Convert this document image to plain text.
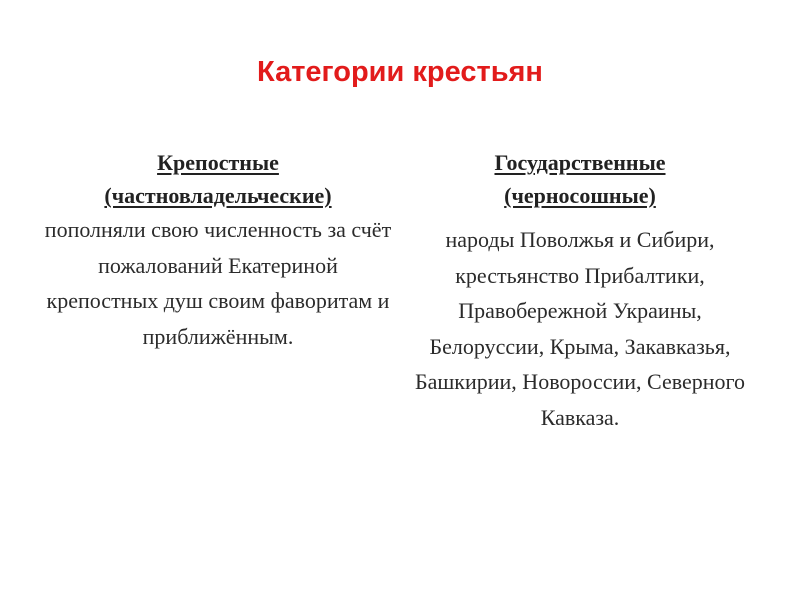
Категории крестьян

Крепостные
(частновладельческие)

пополняли свою численность за счёт пожалований Екатериной крепостных душ своим фаворитам и приближённым.

Государственные
(черносошные)

народы Поволжья и Сибири, крестьянство Прибалтики, Правобережной Украины, Белоруссии, Крыма, Закавказья, Башкирии, Новороссии, Северного Кавказа.
